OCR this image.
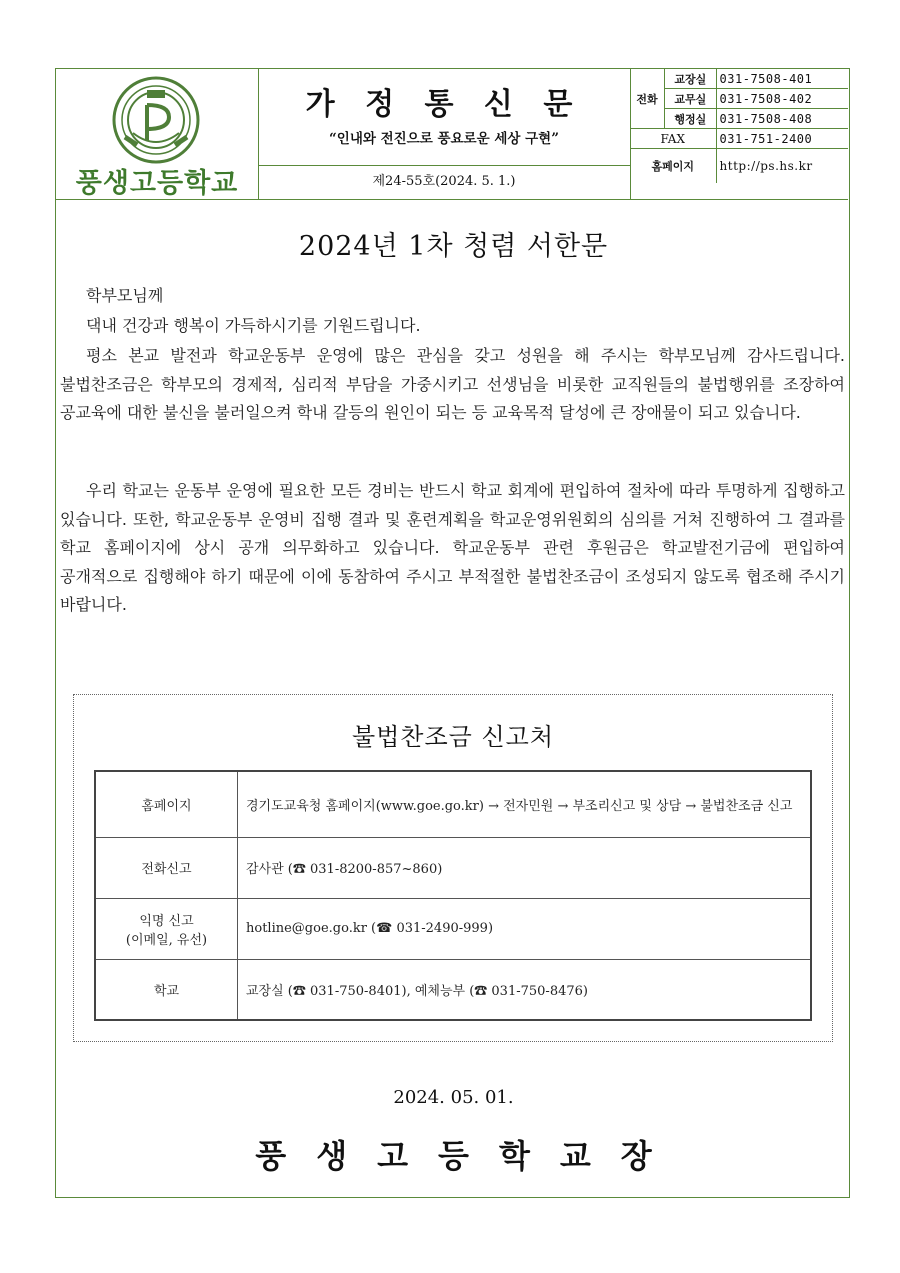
풍생고등학교
가 정 통 신 문
“인내와 전진으로 풍요로운 세상 구현”
제24-55호(2024. 5. 1.)
전화	교장실	031-7508-401
	교무실	031-7508-402
	행정실	031-7508-408
FAX		031-751-2400
홈페이지		http://ps.hs.kr
2024년 1차 청렴 서한문
학부모님께
댁내 건강과 행복이 가득하시기를 기원드립니다.
평소 본교 발전과 학교운동부 운영에 많은 관심을 갖고 성원을 해 주시는 학부모님께 감사드립니다. 불법찬조금은 학부모의 경제적, 심리적 부담을 가중시키고 선생님을 비롯한 교직원들의 불법행위를 조장하여 공교육에 대한 불신을 불러일으켜 학내 갈등의 원인이 되는 등 교육목적 달성에 큰 장애물이 되고 있습니다.
우리 학교는 운동부 운영에 필요한 모든 경비는 반드시 학교 회계에 편입하여 절차에 따라 투명하게 집행하고 있습니다. 또한, 학교운동부 운영비 집행 결과 및 훈련계획을 학교운영위원회의 심의를 거쳐 진행하여 그 결과를 학교 홈페이지에 상시 공개 의무화하고 있습니다. 학교운동부 관련 후원금은 학교발전기금에 편입하여 공개적으로 집행해야 하기 때문에 이에 동참하여 주시고 부적절한 불법찬조금이 조성되지 않도록 협조해 주시기 바랍니다.
불법찬조금 신고처
홈페이지	경기도교육청 홈페이지(www.goe.go.kr) → 전자민원 → 부조리신고 및 상담 → 불법찬조금 신고
전화신고	감사관 (☎ 031-8200-857~860)
익명 신고
(이메일, 유선)	hotline@goe.go.kr (☎ 031-2490-999)
학교	교장실 (☎ 031-750-8401), 예체능부 (☎ 031-750-8476)
2024. 05. 01.
풍생고등학교장
